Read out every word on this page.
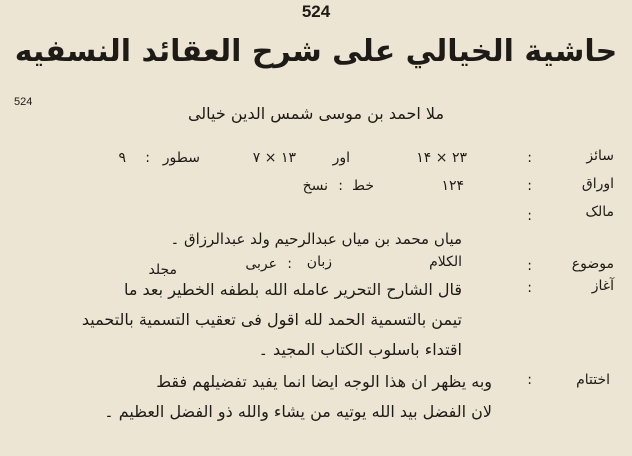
524
524
حاشية الخيالي على شرح العقائد النسفيه
ملا احمد بن موسی شمس الدین خیالی
سائز
:
۲۳ × ۱۴
اور
۱۳ × ۷
سطور
:
۹
اوراق
:
۱۲۴
خط
:
نسخ
مالک
:
میاں محمد بن میاں عبدالرحیم ولد عبدالرزاق ۔
موضوع
:
الکلام
زبان
:
عربی
مجلد
آغاز
:
قال الشارح التحرير عامله الله بلطفه الخطير بعد ما
تيمن بالتسمية الحمد لله اقول فی تعقيب التسمية بالتحميد
اقتداء باسلوب الكتاب المجيد ۔
اختتام
:
وبه يظهر ان هذا الوجه ايضا انما يفيد تفضيلهم فقط
لان الفضل بيد الله يوتيه من يشاء والله ذو الفضل العظيم ۔
